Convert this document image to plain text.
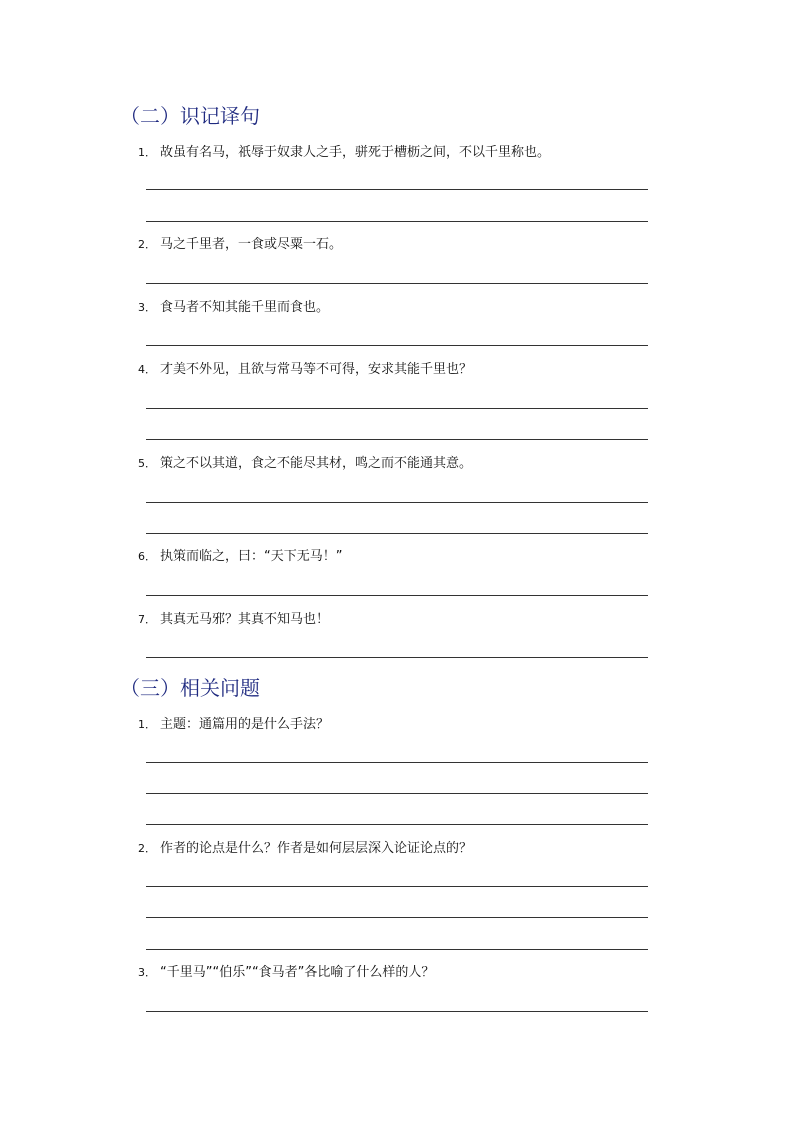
（二）识记译句
1． 故虽有名马，祇辱于奴隶人之手，骈死于槽枥之间，不以千里称也。
2． 马之千里者，一食或尽粟一石。
3． 食马者不知其能千里而食也。
4． 才美不外见，且欲与常马等不可得，安求其能千里也？
5． 策之不以其道，食之不能尽其材，鸣之而不能通其意。
6． 执策而临之，曰：“天下无马！”
7． 其真无马邪？其真不知马也！
（三）相关问题
1． 主题：通篇用的是什么手法？
2． 作者的论点是什么？作者是如何层层深入论证论点的？
3． “千里马”“伯乐”“食马者”各比喻了什么样的人？
